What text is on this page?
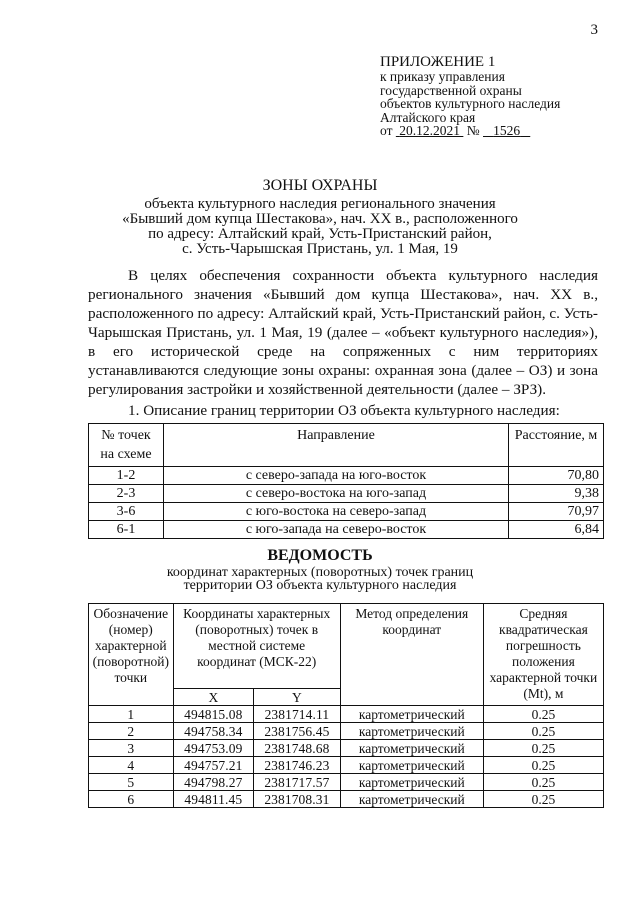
3
ПРИЛОЖЕНИЕ 1
к приказу управления
государственной охраны
объектов культурного наследия
Алтайского края
от 20.12.2021 № 1526
ЗОНЫ ОХРАНЫ
объекта культурного наследия регионального значения
«Бывший дом купца Шестакова», нач. XX в., расположенного
по адресу: Алтайский край, Усть-Пристанский район,
с. Усть-Чарышская Пристань, ул. 1 Мая, 19

В целях обеспечения сохранности объекта культурного наследия регионального значения «Бывший дом купца Шестакова», нач. XX в., расположенного по адресу: Алтайский край, Усть-Пристанский район, с. Усть-Чарышская Пристань, ул. 1 Мая, 19 (далее – «объект культурного наследия»), в его исторической среде на сопряженных с ним территориях устанавливаются следующие зоны охраны: охранная зона (далее – ОЗ) и зона регулирования застройки и хозяйственной деятельности (далее – ЗРЗ).

1. Описание границ территории ОЗ объекта культурного наследия:

№ точек на схеме	Направление	Расстояние, м
1-2	с северо-запада на юго-восток	70,80
2-3	с северо-востока на юго-запад	9,38
3-6	с юго-востока на северо-запад	70,97
6-1	с юго-запада на северо-восток	6,84
ВЕДОМОСТЬ
координат характерных (поворотных) точек границ
территории ОЗ объекта культурного наследия
Обозначение (номер) характерной (поворотной) точки	Координаты характерных (поворотных) точек в местной системе координат (МСК-22)		Метод определения координат	Средняя квадратическая погрешность положения характерной точки (Mt), м
	X	Y		
1	494815.08	2381714.11	картометрический	0.25
2	494758.34	2381756.45	картометрический	0.25
3	494753.09	2381748.68	картометрический	0.25
4	494757.21	2381746.23	картометрический	0.25
5	494798.27	2381717.57	картометрический	0.25
6	494811.45	2381708.31	картометрический	0.25
